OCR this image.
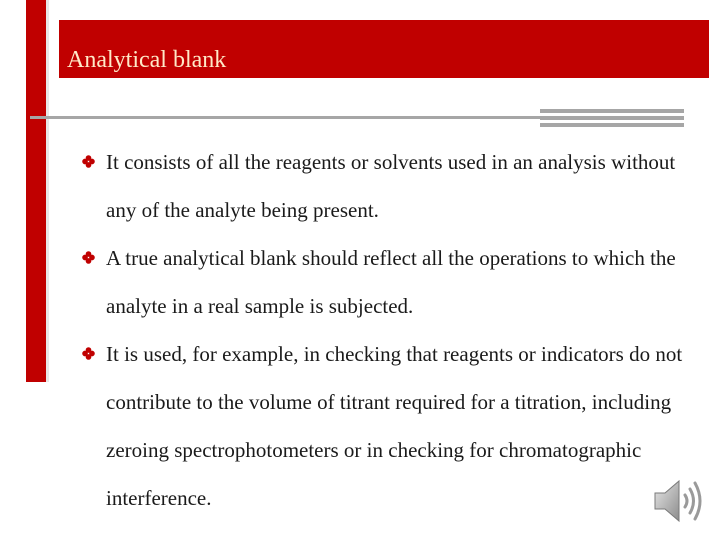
Analytical blank
It consists of all the reagents or solvents used in an analysis without any of the analyte being present.
A true analytical blank should reflect all the operations to which the analyte in a real sample is subjected.
It is used, for example, in checking that reagents or indicators do not contribute to the volume of titrant required for a titration, including zeroing spectrophotometers or in checking for chromatographic interference.
